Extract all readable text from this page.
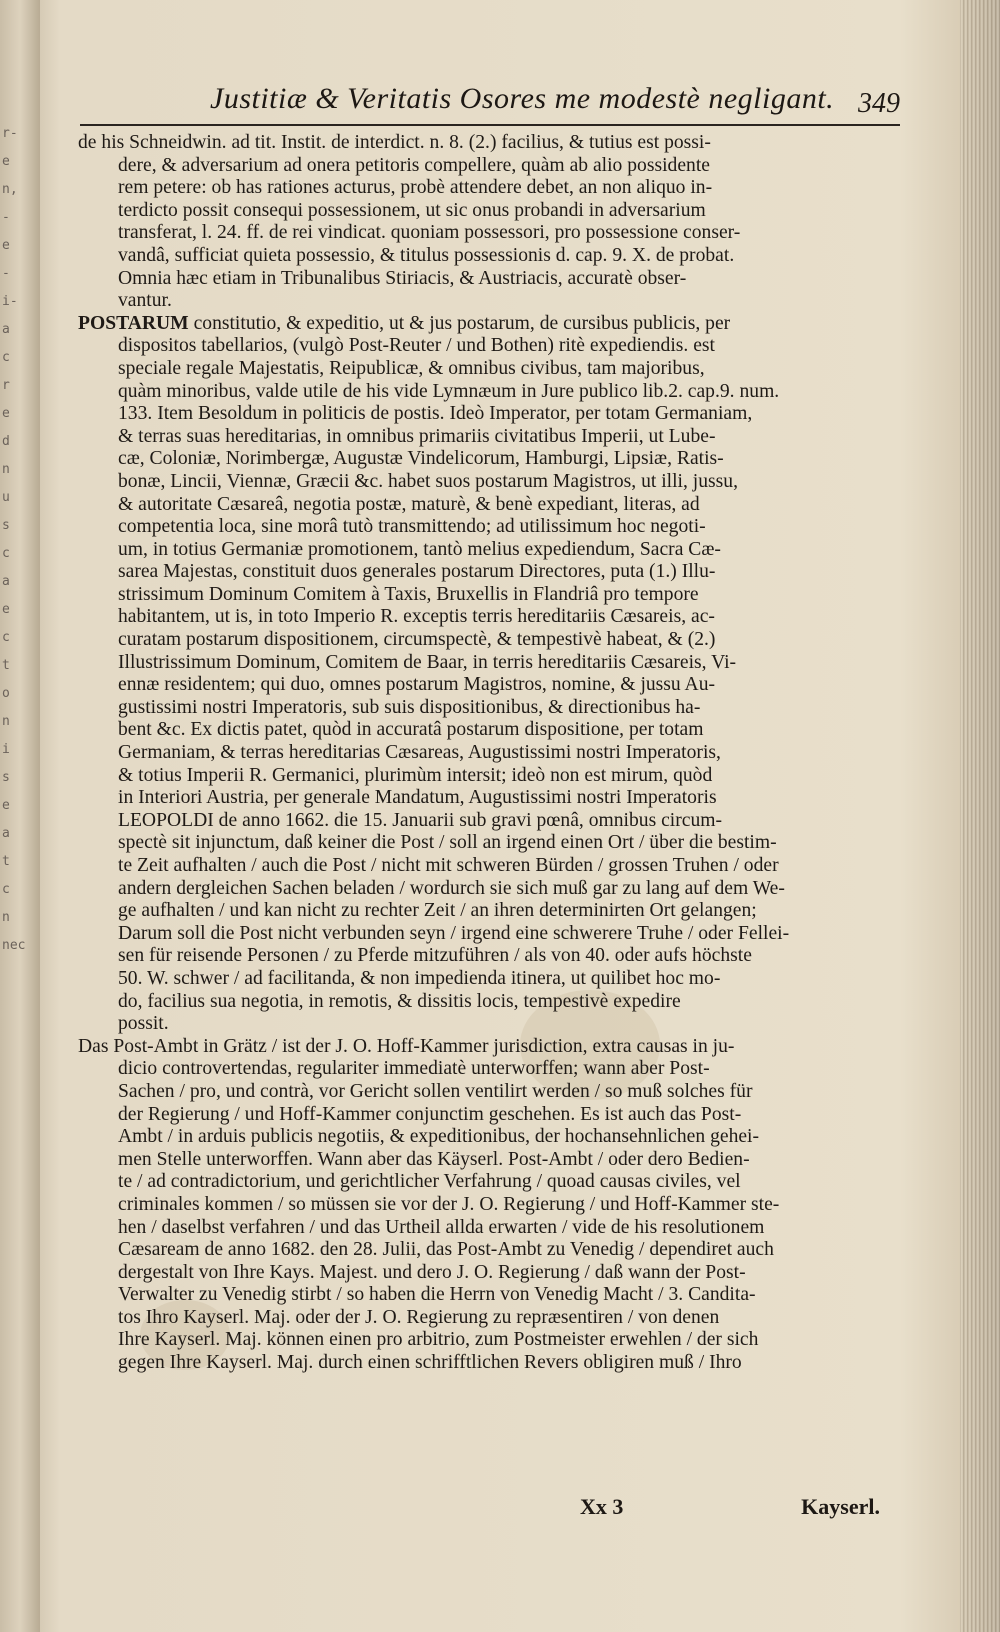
r-
e
n,
-
e
-
i-
a
c
r
e
d
n
u
s
c
a
e
c
t
o
n
i
s
e
a
t
c
n
nec
Justitiæ & Veritatis Osores me modestè negligant. 349
de his Schneidwin. ad tit. Instit. de interdict. n. 8. (2.) facilius, & tutius est possi-
dere, & adversarium ad onera petitoris compellere, quàm ab alio possidente
rem petere: ob has rationes acturus, probè attendere debet, an non aliquo in-
terdicto possit consequi possessionem, ut sic onus probandi in adversarium
transferat, l. 24. ff. de rei vindicat. quoniam possessori, pro possessione conser-
vandâ, sufficiat quieta possessio, & titulus possessionis d. cap. 9. X. de probat.
Omnia hæc etiam in Tribunalibus Stiriacis, & Austriacis, accuratè obser-
vantur.
POSTARUM constitutio, & expeditio, ut & jus postarum, de cursibus publicis, per
dispositos tabellarios, (vulgò Post-Reuter / und Bothen) ritè expediendis. est
speciale regale Majestatis, Reipublicæ, & omnibus civibus, tam majoribus,
quàm minoribus, valde utile de his vide Lymnæum in Jure publico lib.2. cap.9. num.
133. Item Besoldum in politicis de postis. Ideò Imperator, per totam Germaniam,
& terras suas hereditarias, in omnibus primariis civitatibus Imperii, ut Lube-
cæ, Coloniæ, Norimbergæ, Augustæ Vindelicorum, Hamburgi, Lipsiæ, Ratis-
bonæ, Lincii, Viennæ, Græcii &c. habet suos postarum Magistros, ut illi, jussu,
& autoritate Cæsareâ, negotia postæ, maturè, & benè expediant, literas, ad
competentia loca, sine morâ tutò transmittendo; ad utilissimum hoc negoti-
um, in totius Germaniæ promotionem, tantò melius expediendum, Sacra Cæ-
sarea Majestas, constituit duos generales postarum Directores, puta (1.) Illu-
strissimum Dominum Comitem à Taxis, Bruxellis in Flandriâ pro tempore
habitantem, ut is, in toto Imperio R. exceptis terris hereditariis Cæsareis, ac-
curatam postarum dispositionem, circumspectè, & tempestivè habeat, & (2.)
Illustrissimum Dominum, Comitem de Baar, in terris hereditariis Cæsareis, Vi-
ennæ residentem; qui duo, omnes postarum Magistros, nomine, & jussu Au-
gustissimi nostri Imperatoris, sub suis dispositionibus, & directionibus ha-
bent &c. Ex dictis patet, quòd in accuratâ postarum dispositione, per totam
Germaniam, & terras hereditarias Cæsareas, Augustissimi nostri Imperatoris,
& totius Imperii R. Germanici, plurimùm intersit; ideò non est mirum, quòd
in Interiori Austria, per generale Mandatum, Augustissimi nostri Imperatoris
LEOPOLDI de anno 1662. die 15. Januarii sub gravi pœnâ, omnibus circum-
spectè sit injunctum, daß keiner die Post / soll an irgend einen Ort / über die bestim-
te Zeit aufhalten / auch die Post / nicht mit schweren Bürden / grossen Truhen / oder
andern dergleichen Sachen beladen / wordurch sie sich muß gar zu lang auf dem We-
ge aufhalten / und kan nicht zu rechter Zeit / an ihren determinirten Ort gelangen;
Darum soll die Post nicht verbunden seyn / irgend eine schwerere Truhe / oder Fellei-
sen für reisende Personen / zu Pferde mitzuführen / als von 40. oder aufs höchste
50. W. schwer / ad facilitanda, & non impedienda itinera, ut quilibet hoc mo-
do, facilius sua negotia, in remotis, & dissitis locis, tempestivè expedire
possit.
Das Post-Ambt in Grätz / ist der J. O. Hoff-Kammer jurisdiction, extra causas in ju-
dicio controvertendas, regulariter immediatè unterworffen; wann aber Post-
Sachen / pro, und contrà, vor Gericht sollen ventilirt werden / so muß solches für
der Regierung / und Hoff-Kammer conjunctim geschehen. Es ist auch das Post-
Ambt / in arduis publicis negotiis, & expeditionibus, der hochansehnlichen gehei-
men Stelle unterworffen. Wann aber das Käyserl. Post-Ambt / oder dero Bedien-
te / ad contradictorium, und gerichtlicher Verfahrung / quoad causas civiles, vel
criminales kommen / so müssen sie vor der J. O. Regierung / und Hoff-Kammer ste-
hen / daselbst verfahren / und das Urtheil allda erwarten / vide de his resolutionem
Cæsaream de anno 1682. den 28. Julii, das Post-Ambt zu Venedig / dependiret auch
dergestalt von Ihre Kays. Majest. und dero J. O. Regierung / daß wann der Post-
Verwalter zu Venedig stirbt / so haben die Herrn von Venedig Macht / 3. Candita-
tos Ihro Kayserl. Maj. oder der J. O. Regierung zu repræsentiren / von denen
Ihre Kayserl. Maj. können einen pro arbitrio, zum Postmeister erwehlen / der sich
gegen Ihre Kayserl. Maj. durch einen schrifftlichen Revers obligiren muß / Ihro
Xx 3	Kayserl.
